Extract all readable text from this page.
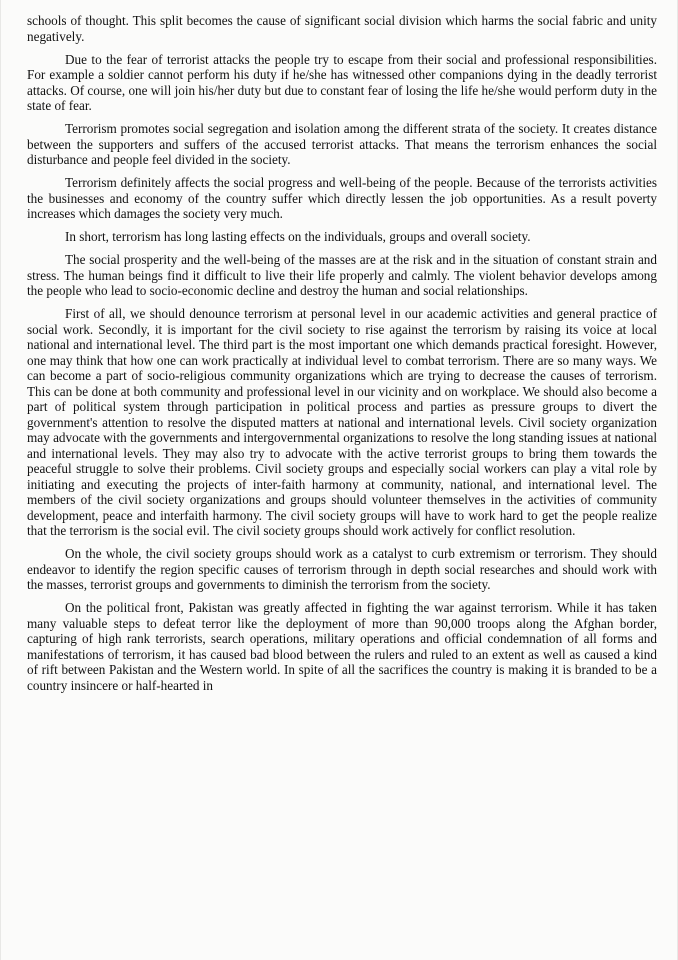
schools of thought. This split becomes the cause of significant social division which harms the social fabric and unity negatively.

Due to the fear of terrorist attacks the people try to escape from their social and professional responsibilities. For example a soldier cannot perform his duty if he/she has witnessed other companions dying in the deadly terrorist attacks. Of course, one will join his/her duty but due to constant fear of losing the life he/she would perform duty in the state of fear.

Terrorism promotes social segregation and isolation among the different strata of the society. It creates distance between the supporters and suffers of the accused terrorist attacks. That means the terrorism enhances the social disturbance and people feel divided in the society.

Terrorism definitely affects the social progress and well-being of the people. Because of the terrorists activities the businesses and economy of the country suffer which directly lessen the job opportunities. As a result poverty increases which damages the society very much.

In short, terrorism has long lasting effects on the individuals, groups and overall society.

The social prosperity and the well-being of the masses are at the risk and in the situation of constant strain and stress. The human beings find it difficult to live their life properly and calmly. The violent behavior develops among the people who lead to socio-economic decline and destroy the human and social relationships.

First of all, we should denounce terrorism at personal level in our academic activities and general practice of social work. Secondly, it is important for the civil society to rise against the terrorism by raising its voice at local national and international level. The third part is the most important one which demands practical foresight. However, one may think that how one can work practically at individual level to combat terrorism. There are so many ways. We can become a part of socio-religious community organizations which are trying to decrease the causes of terrorism. This can be done at both community and professional level in our vicinity and on workplace. We should also become a part of political system through participation in political process and parties as pressure groups to divert the government's attention to resolve the disputed matters at national and international levels. Civil society organization may advocate with the governments and intergovernmental organizations to resolve the long standing issues at national and international levels. They may also try to advocate with the active terrorist groups to bring them towards the peaceful struggle to solve their problems. Civil society groups and especially social workers can play a vital role by initiating and executing the projects of inter-faith harmony at community, national, and international level. The members of the civil society organizations and groups should volunteer themselves in the activities of community development, peace and interfaith harmony. The civil society groups will have to work hard to get the people realize that the terrorism is the social evil. The civil society groups should work actively for conflict resolution.

On the whole, the civil society groups should work as a catalyst to curb extremism or terrorism. They should endeavor to identify the region specific causes of terrorism through in depth social researches and should work with the masses, terrorist groups and governments to diminish the terrorism from the society.

On the political front, Pakistan was greatly affected in fighting the war against terrorism. While it has taken many valuable steps to defeat terror like the deployment of more than 90,000 troops along the Afghan border, capturing of high rank terrorists, search operations, military operations and official condemnation of all forms and manifestations of terrorism, it has caused bad blood between the rulers and ruled to an extent as well as caused a kind of rift between Pakistan and the Western world. In spite of all the sacrifices the country is making it is branded to be a country insincere or half-hearted in
